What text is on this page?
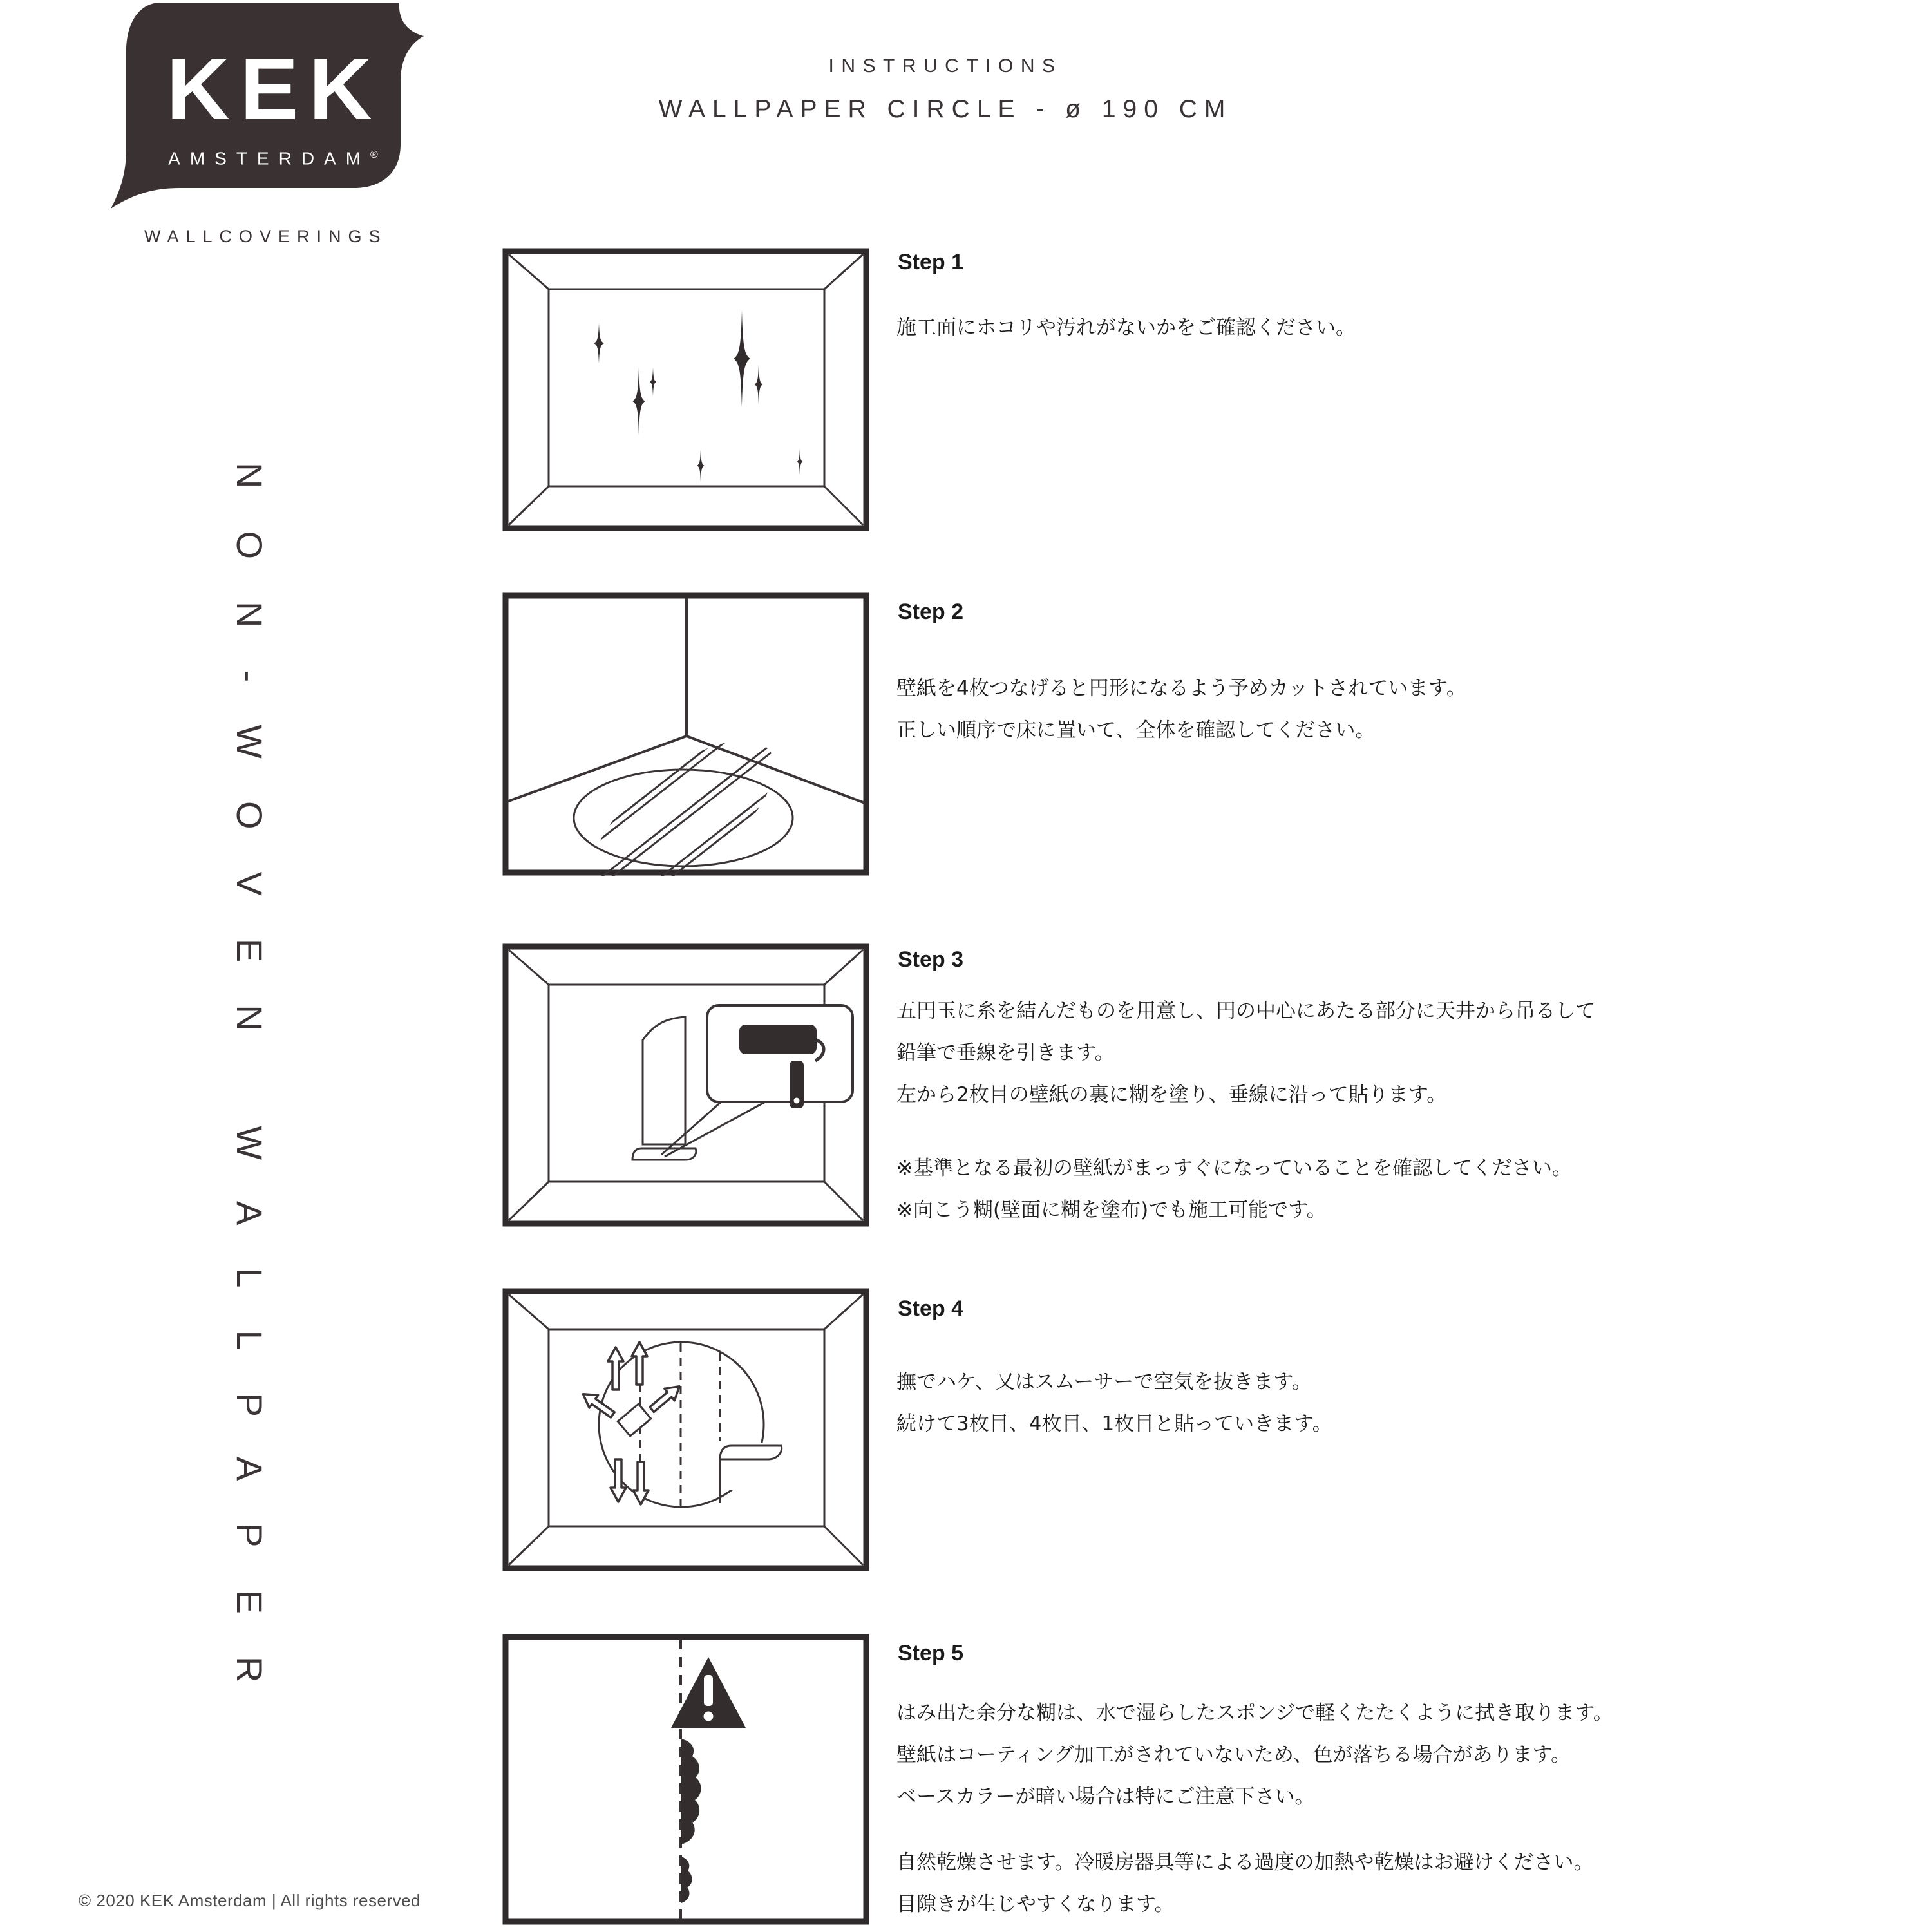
KEK
AMSTERDAM®
WALLCOVERINGS
INSTRUCTIONS
WALLPAPER CIRCLE - ø 190 CM
NON-WOVEN WALLPAPER
Step 1
施工面にホコリや汚れがないかをご確認ください。
Step 2
壁紙を4枚つなげると円形になるよう予めカットされています。
正しい順序で床に置いて、全体を確認してください。
Step 3
五円玉に糸を結んだものを用意し、円の中心にあたる部分に天井から吊るして
鉛筆で垂線を引きます。
左から2枚目の壁紙の裏に糊を塗り、垂線に沿って貼ります。
※基準となる最初の壁紙がまっすぐになっていることを確認してください。
※向こう糊(壁面に糊を塗布)でも施工可能です。
Step 4
撫でハケ、又はスムーサーで空気を抜きます。
続けて3枚目、4枚目、1枚目と貼っていきます。
Step 5
はみ出た余分な糊は、水で湿らしたスポンジで軽くたたくように拭き取ります。
壁紙はコーティング加工がされていないため、色が落ちる場合があります。
ベースカラーが暗い場合は特にご注意下さい。
自然乾燥させます。冷暖房器具等による過度の加熱や乾燥はお避けください。
目隙きが生じやすくなります。
© 2020 KEK Amsterdam | All rights reserved
